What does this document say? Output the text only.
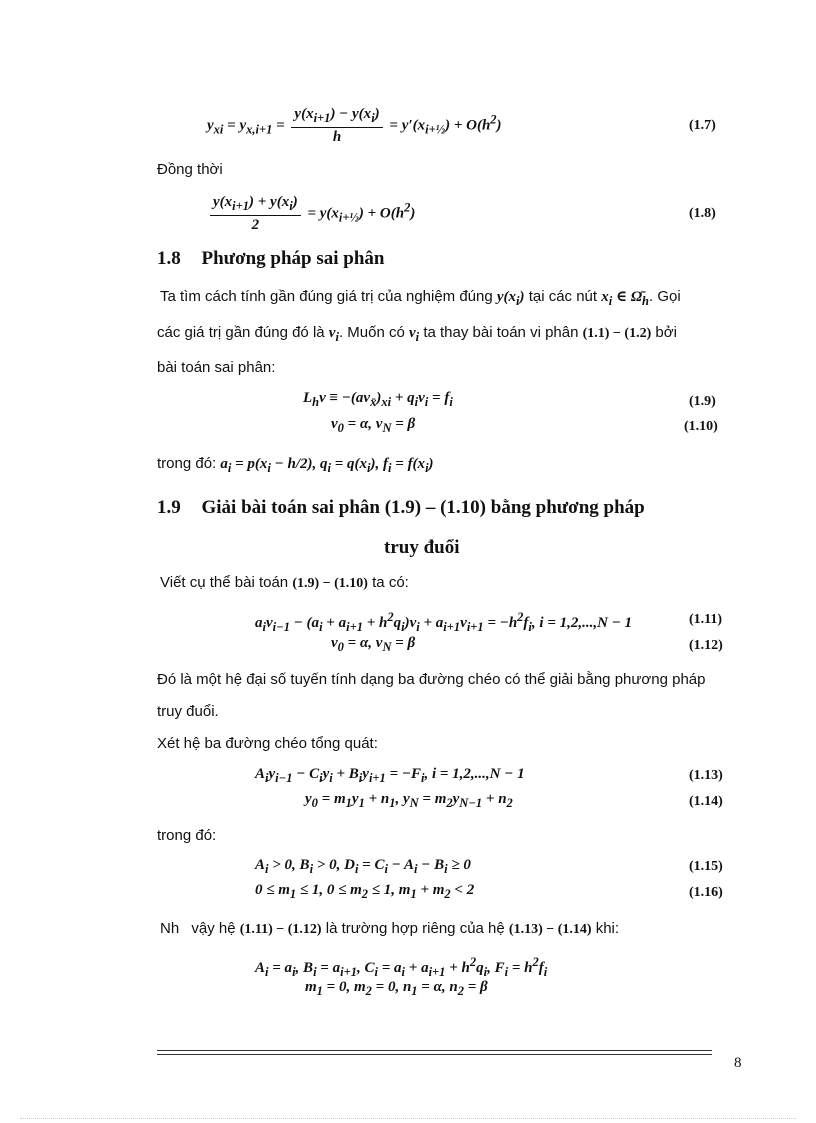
$y_{xi} = y_{x,i+1} = \frac{y(x_{i+1}) - y(x_i)}{h} = y'(x_{i+\frac{1}{2}}) + O(h^2)$	(1.7)
Đồng thời
$\frac{y(x_{i+1}) + y(x_i)}{2} = y(x_{i+\frac{1}{2}}) + O(h^2)$	(1.8)
1.8 Phương pháp sai phân
Ta tìm cách tính gần đúng giá trị của nghiệm đúng $y(x_i)$ tại các nút $x_i$ ∈ $\Omegā_h$. Gọi
các giá trị gần đúng đó là $v_i$. Muốn có $v_i$ ta thay bài toán vi phân (1.1) − (1.2) bởi
bài toán sai phân:
$L_hv \equiv -(av_{x̄})_{xi} + q_iv_i = f_i$	(1.9)
$v_0 = \alpha$, $v_N = \beta$	(1.10)
trong đó: $a_i = p(x_i - h/2)$, $q_i = q(x_i)$, $f_i = f(x_i)$
1.9 Giải bài toán sai phân (1.9) – (1.10) bằng phương pháp
truy đuổi
Viết cụ thể bài toán (1.9) − (1.10) ta có:
$a_iv_{i-1} - (a_i + a_{i+1} + h^2q_i)v_i + a_{i+1}v_{i+1} = -h^2f_i$, i = 1,2,...,N − 1	(1.11)
$v_0 = \alpha$, $v_N = \beta$	(1.12)
Đó là một hệ đại số tuyến tính dạng ba đường chéo có thể giải bằng phương pháp
truy đuổi.
Xét hệ ba đường chéo tổng quát:
$A_iy_{i-1} - C_iy_i + B_iy_{i+1} = -F_i$, i = 1,2,...,N − 1	(1.13)
$y_0 = m_1y_1 + n_1$, $y_N = m_2y_{N-1} + n_2$	(1.14)
trong đó:
$A_i > 0$, $B_i > 0$, $D_i = C_i - A_i - B_i \ge 0$	(1.15)
$0 \le m_1 \le 1$, $0 \le m_2 \le 1$, $m_1 + m_2 < 2$	(1.16)
Nh vậy hệ (1.11) − (1.12) là trường hợp riêng của hệ (1.13) − (1.14) khi:
$A_i = a_i$, $B_i = a_{i+1}$, $C_i = a_i + a_{i+1} + h^2q_i$, $F_i = h^2f_i$
$m_1 = 0$, $m_2 = 0$, $n_1 = \alpha$, $n_2 = \beta$
8
